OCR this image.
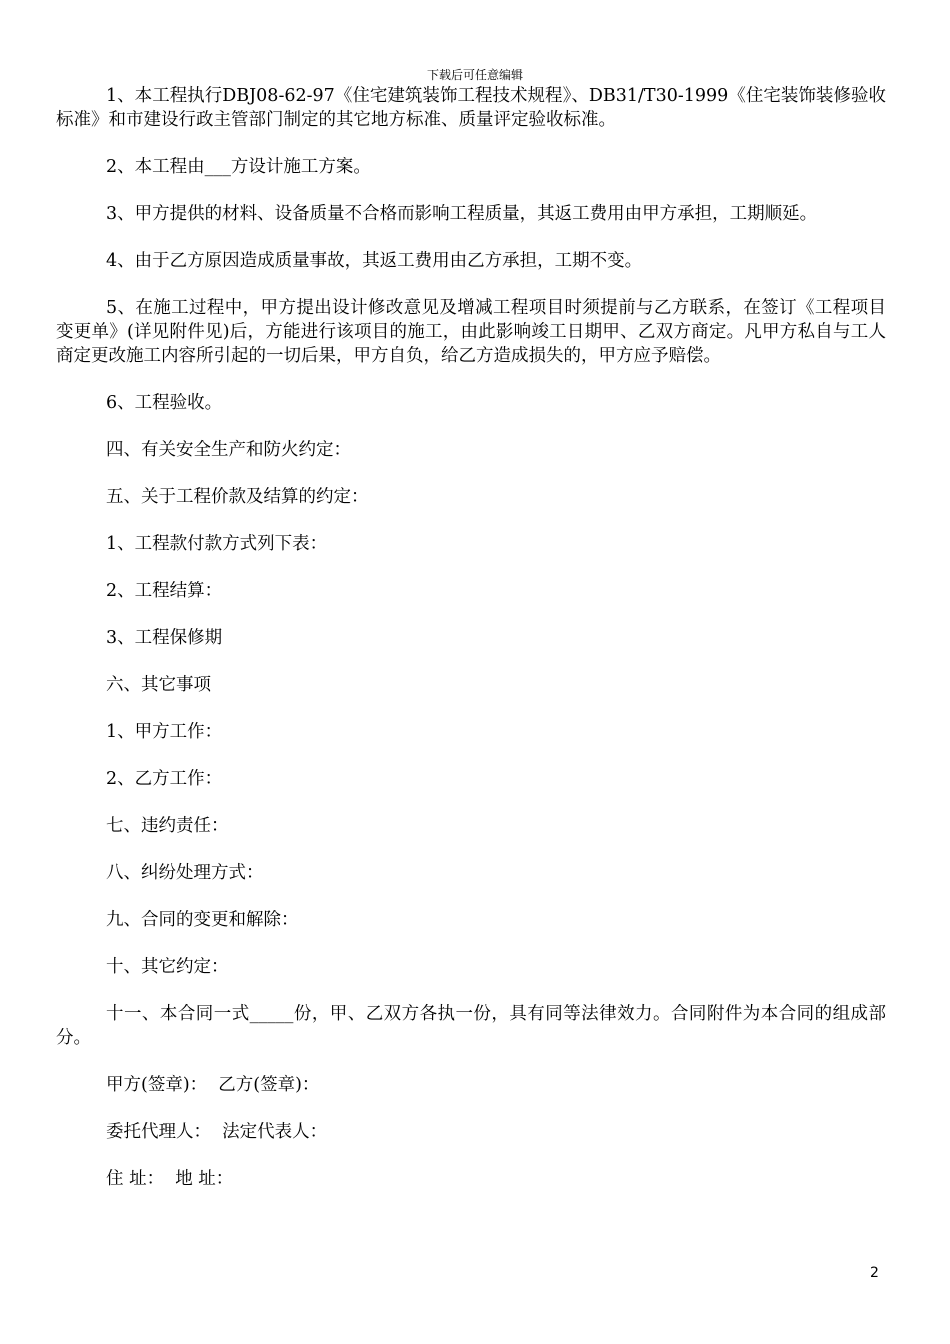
下载后可任意编辑

1、本工程执行DBJ08-62-97《住宅建筑装饰工程技术规程》、DB31/T30-1999《住宅装饰装修验收标准》和市建设行政主管部门制定的其它地方标准、质量评定验收标准。

2、本工程由___方设计施工方案。

3、甲方提供的材料、设备质量不合格而影响工程质量，其返工费用由甲方承担，工期顺延。

4、由于乙方原因造成质量事故，其返工费用由乙方承担，工期不变。

5、在施工过程中，甲方提出设计修改意见及增减工程项目时须提前与乙方联系，在签订《工程项目变更单》(详见附件见)后，方能进行该项目的施工，由此影响竣工日期甲、乙双方商定。凡甲方私自与工人商定更改施工内容所引起的一切后果，甲方自负，给乙方造成损失的，甲方应予赔偿。

6、工程验收。

四、有关安全生产和防火约定：

五、关于工程价款及结算的约定：

1、工程款付款方式列下表：

2、工程结算：

3、工程保修期

六、其它事项

1、甲方工作：

2、乙方工作：

七、违约责任：

八、纠纷处理方式：

九、合同的变更和解除：

十、其它约定：

十一、本合同一式_____份，甲、乙双方各执一份，具有同等法律效力。合同附件为本合同的组成部分。

甲方(签章)：  乙方(签章)：

委托代理人：  法定代表人：

住 址：  地 址：

2
